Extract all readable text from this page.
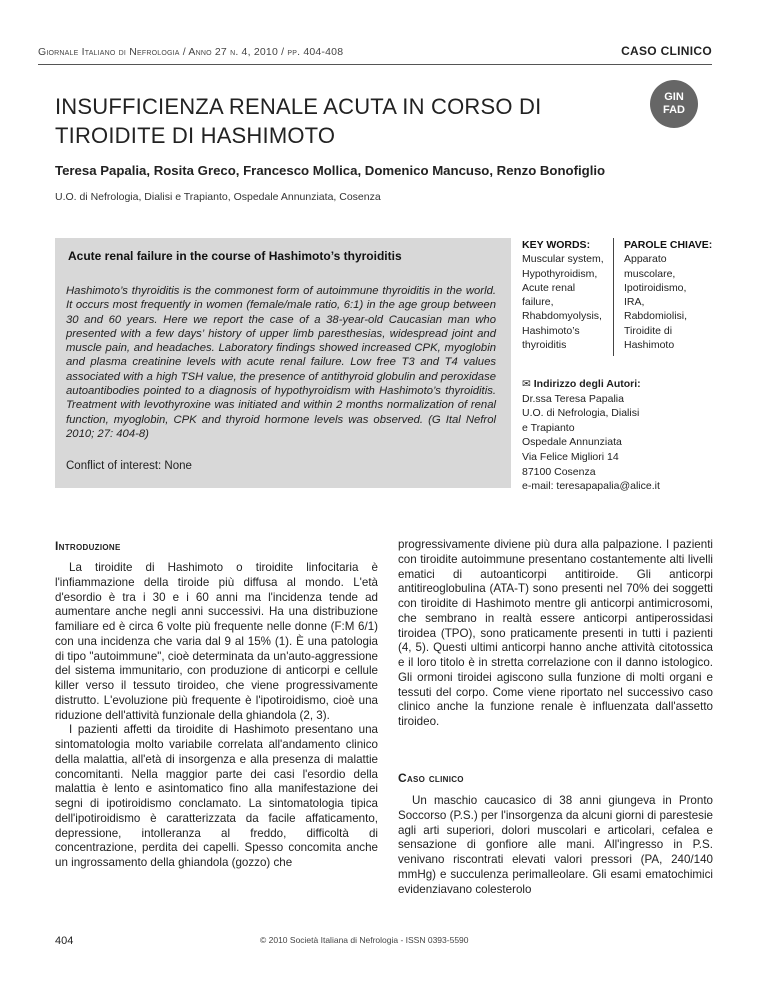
Giornale Italiano di Nefrologia / Anno 27 n. 4, 2010 / pp. 404-408	CASO CLINICO
INSUFFICIENZA RENALE ACUTA IN CORSO DI TIROIDITE DI HASHIMOTO
GIN
FAD
Teresa Papalia, Rosita Greco, Francesco Mollica, Domenico Mancuso, Renzo Bonofiglio
U.O. di Nefrologia, Dialisi e Trapianto, Ospedale Annunziata, Cosenza
Acute renal failure in the course of Hashimoto’s thyroiditis
Hashimoto’s thyroiditis is the commonest form of autoimmune thyroiditis in the world. It occurs most frequently in women (female/male ratio, 6:1) in the age group between 30 and 60 years. Here we report the case of a 38-year-old Caucasian man who presented with a few days’ history of upper limb paresthesias, widespread joint and muscle pain, and headaches. Laboratory findings showed increased CPK, myoglobin and plasma creatinine levels with acute renal failure. Low free T3 and T4 values associated with a high TSH value, the presence of antithyroid globulin and peroxidase autoantibodies pointed to a diagnosis of hypothyroidism with Hashimoto’s thyroiditis. Treatment with levothyroxine was initiated and within 2 months normalization of renal function, myoglobin, CPK and thyroid hormone levels was observed. (G Ital Nefrol 2010; 27: 404-8)
Conflict of interest: None
KEY WORDS:
Muscular system,
Hypothyroidism,
Acute renal
failure,
Rhabdomyolysis,
Hashimoto’s
thyroiditis
PAROLE CHIAVE:
Apparato
muscolare,
Ipotiroidismo,
IRA,
Rabdomiolisi,
Tiroidite di
Hashimoto
✉ Indirizzo degli Autori:
Dr.ssa Teresa Papalia
U.O. di Nefrologia, Dialisi
e Trapianto
Ospedale Annunziata
Via Felice Migliori 14
87100 Cosenza
e-mail: teresapapalia@alice.it
Introduzione

La tiroidite di Hashimoto o tiroidite linfocitaria è l'infiammazione della tiroide più diffusa al mondo. L'età d'esordio è tra i 30 e i 60 anni ma l'incidenza tende ad aumentare anche negli anni successivi. Ha una distribuzione familiare ed è circa 6 volte più frequente nelle donne (F:M 6/1) con una incidenza che varia dal 9 al 15% (1). È una patologia di tipo "autoimmune", cioè determinata da un'auto-aggressione del sistema immunitario, con produzione di anticorpi e cellule killer verso il tessuto tiroideo, che viene progressivamente distrutto. L'evoluzione più frequente è l'ipotiroidismo, cioè una riduzione dell'attività funzionale della ghiandola (2, 3).

I pazienti affetti da tiroidite di Hashimoto presentano una sintomatologia molto variabile correlata all'andamento clinico della malattia, all'età di insorgenza e alla presenza di malattie concomitanti. Nella maggior parte dei casi l'esordio della malattia è lento e asintomatico fino alla manifestazione dei segni di ipotiroidismo conclamato. La sintomatologia tipica dell'ipotiroidismo è caratterizzata da facile affaticamento, depressione, intolleranza al freddo, difficoltà di concentrazione, perdita dei capelli. Spesso concomita anche un ingrossamento della ghiandola (gozzo) che

progressivamente diviene più dura alla palpazione. I pazienti con tiroidite autoimmune presentano costantemente alti livelli ematici di autoanticorpi antitiroide. Gli anticorpi antitireoglobulina (ATA-T) sono presenti nel 70% dei soggetti con tiroidite di Hashimoto mentre gli anticorpi antimicrosomi, che sembrano in realtà essere anticorpi antiperossidasi tiroidea (TPO), sono praticamente presenti in tutti i pazienti (4, 5). Questi ultimi anticorpi hanno anche attività citotossica e il loro titolo è in stretta correlazione con il danno istologico. Gli ormoni tiroidei agiscono sulla funzione di molti organi e tessuti del corpo. Come viene riportato nel successivo caso clinico anche la funzione renale è influenzata dall'assetto tiroideo.

Caso clinico

Un maschio caucasico di 38 anni giungeva in Pronto Soccorso (P.S.) per l'insorgenza da alcuni giorni di parestesie agli arti superiori, dolori muscolari e articolari, cefalea e sensazione di gonfiore alle mani. All'ingresso in P.S. venivano riscontrati elevati valori pressori (PA, 240/140 mmHg) e succulenza perimalleolare. Gli esami ematochimici evidenziavano colesterolo

404	© 2010 Società Italiana di Nefrologia - ISSN 0393-5590
